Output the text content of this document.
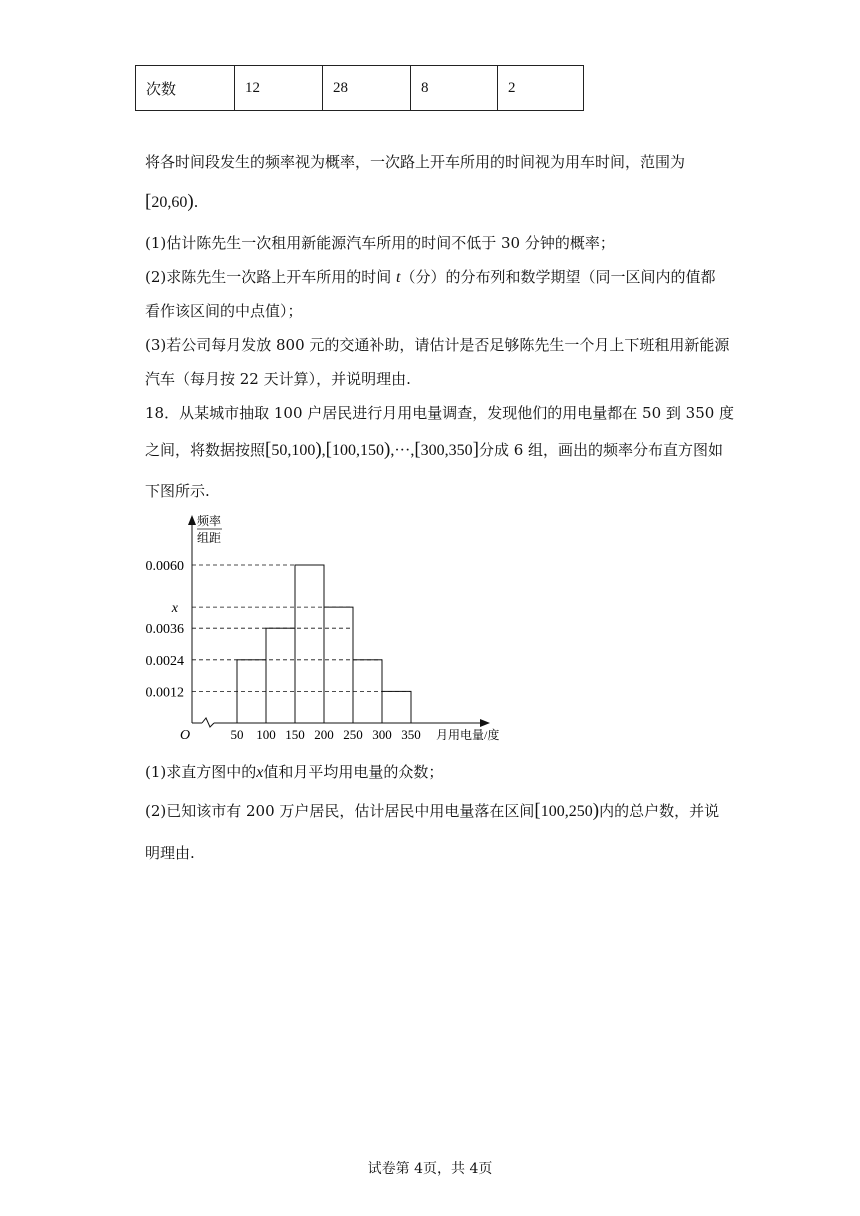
次数	12	28	8	2
将各时间段发生的频率视为概率，一次路上开车所用的时间视为用车时间，范围为
[20,60).
(1)估计陈先生一次租用新能源汽车所用的时间不低于 30 分钟的概率；
(2)求陈先生一次路上开车所用的时间 t（分）的分布列和数学期望（同一区间内的值都
看作该区间的中点值）；
(3)若公司每月发放 800 元的交通补助，请估计是否足够陈先生一个月上下班租用新能源
汽车（每月按 22 天计算），并说明理由.
18．从某城市抽取 100 户居民进行月用电量调查，发现他们的用电量都在 50 到 350 度
之间，将数据按照[50,100),[100,150),···,[300,350]分成 6 组，画出的频率分布直方图如
下图所示.
频率
组距
0.0060
x
0.0036
0.0024
0.0012
50 100 150 200 250 300 350
O	月用电量/度
(1)求直方图中的x值和月平均用电量的众数；
(2)已知该市有 200 万户居民，估计居民中用电量落在区间[100,250)内的总户数，并说
明理由.
试卷第 4页，共 4页
